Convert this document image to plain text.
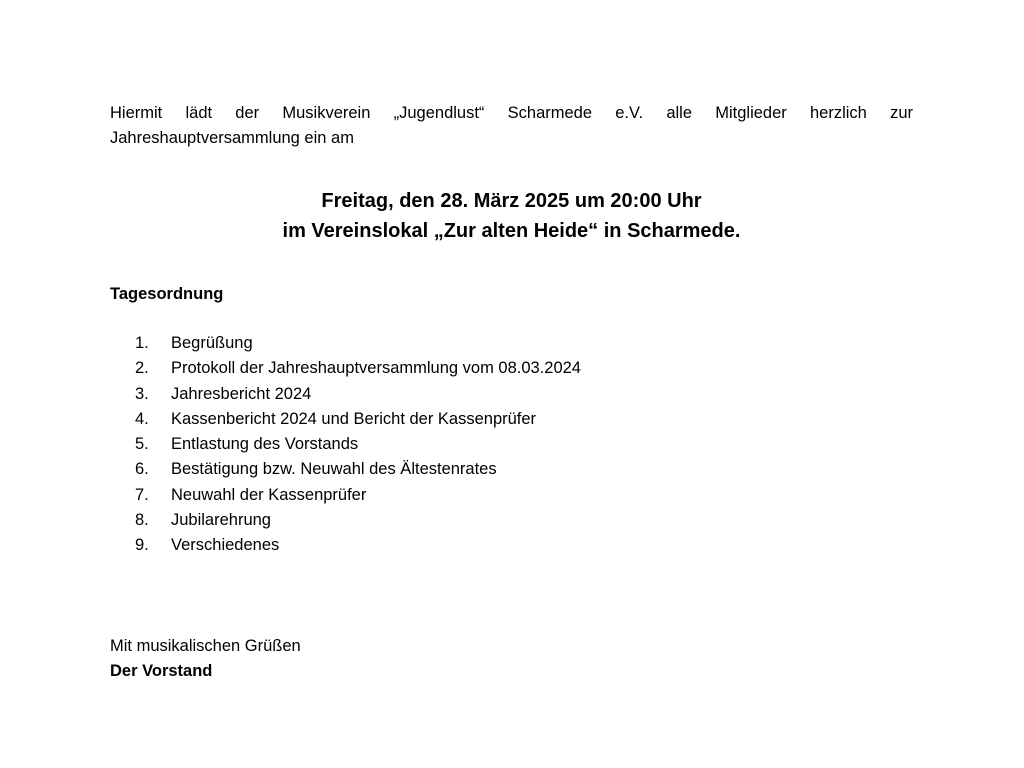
Hiermit lädt der Musikverein „Jugendlust“ Scharmede e.V. alle Mitglieder herzlich zur Jahreshauptversammlung ein am

Freitag, den 28. März 2025 um 20:00 Uhr
im Vereinslokal „Zur alten Heide“ in Scharmede.

Tagesordnung

1.	Begrüßung
2.	Protokoll der Jahreshauptversammlung vom 08.03.2024
3.	Jahresbericht 2024
4.	Kassenbericht 2024 und Bericht der Kassenprüfer
5.	Entlastung des Vorstands
6.	Bestätigung bzw. Neuwahl des Ältestenrates
7.	Neuwahl der Kassenprüfer
8.	Jubilarehrung
9.	Verschiedenes
Mit musikalischen Grüßen
Der Vorstand
